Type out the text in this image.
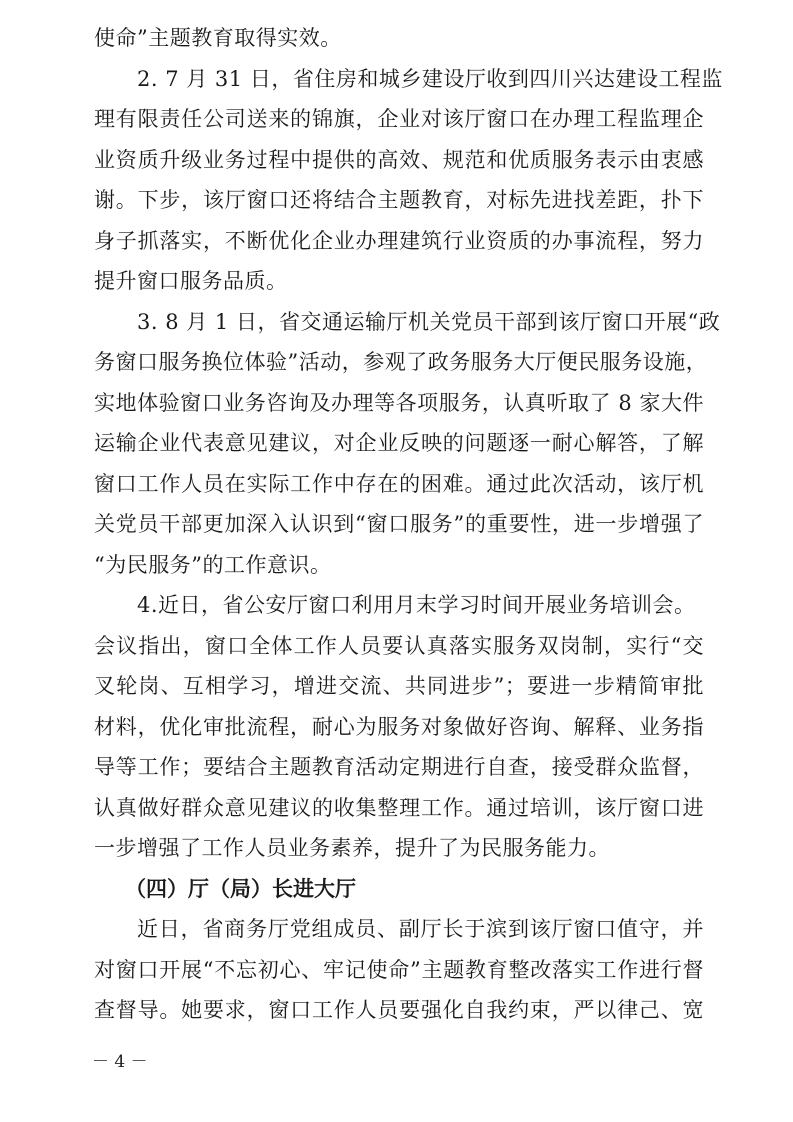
使命”主题教育取得实效。
2. 7 月 31 日，省住房和城乡建设厅收到四川兴达建设工程监
理有限责任公司送来的锦旗，企业对该厅窗口在办理工程监理企
业资质升级业务过程中提供的高效、规范和优质服务表示由衷感
谢。下步，该厅窗口还将结合主题教育，对标先进找差距，扑下
身子抓落实，不断优化企业办理建筑行业资质的办事流程，努力
提升窗口服务品质。
3. 8 月 1 日，省交通运输厅机关党员干部到该厅窗口开展“政
务窗口服务换位体验”活动，参观了政务服务大厅便民服务设施，
实地体验窗口业务咨询及办理等各项服务，认真听取了 8 家大件
运输企业代表意见建议，对企业反映的问题逐一耐心解答，了解
窗口工作人员在实际工作中存在的困难。通过此次活动，该厅机
关党员干部更加深入认识到“窗口服务”的重要性，进一步增强了
“为民服务”的工作意识。
4.近日，省公安厅窗口利用月末学习时间开展业务培训会。
会议指出，窗口全体工作人员要认真落实服务双岗制，实行“交
叉轮岗、互相学习，增进交流、共同进步”；要进一步精简审批
材料，优化审批流程，耐心为服务对象做好咨询、解释、业务指
导等工作；要结合主题教育活动定期进行自查，接受群众监督，
认真做好群众意见建议的收集整理工作。通过培训，该厅窗口进
一步增强了工作人员业务素养，提升了为民服务能力。
（四）厅（局）长进大厅
－ 4 －
近日，省商务厅党组成员、副厅长于滨到该厅窗口值守，并
对窗口开展“不忘初心、牢记使命”主题教育整改落实工作进行督
查督导。她要求，窗口工作人员要强化自我约束，严以律己、宽
